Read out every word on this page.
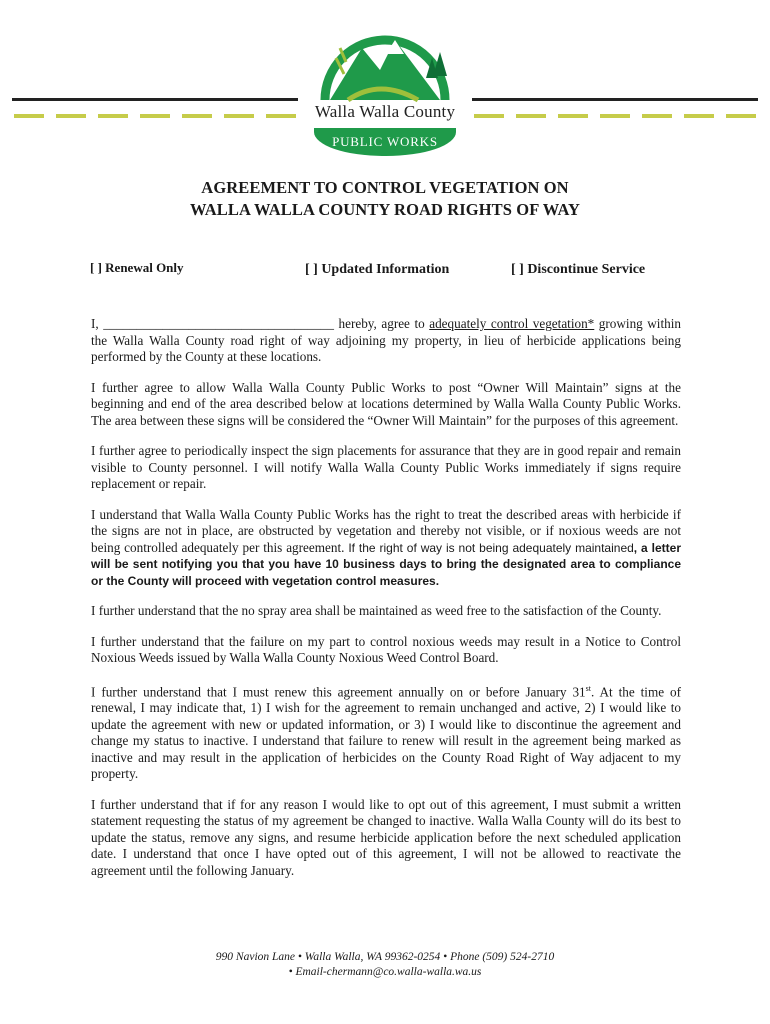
Walla Walla County
PUBLIC WORKS
AGREEMENT TO CONTROL VEGETATION ON
WALLA WALLA COUNTY ROAD RIGHTS OF WAY
[ ] Renewal Only	[ ] Updated Information	[ ] Discontinue Service

I, ___________________________________ hereby, agree to adequately control vegetation* growing within the Walla Walla County road right of way adjoining my property, in lieu of herbicide applications being performed by the County at these locations.

I further agree to allow Walla Walla County Public Works to post “Owner Will Maintain” signs at the beginning and end of the area described below at locations determined by Walla Walla County Public Works. The area between these signs will be considered the “Owner Will Maintain” for the purposes of this agreement.

I further agree to periodically inspect the sign placements for assurance that they are in good repair and remain visible to County personnel. I will notify Walla Walla County Public Works immediately if signs require replacement or repair.

I understand that Walla Walla County Public Works has the right to treat the described areas with herbicide if the signs are not in place, are obstructed by vegetation and thereby not visible, or if noxious weeds are not being controlled adequately per this agreement. If the right of way is not being adequately maintained, a letter will be sent notifying you that you have 10 business days to bring the designated area to compliance or the County will proceed with vegetation control measures.

I further understand that the no spray area shall be maintained as weed free to the satisfaction of the County.

I further understand that the failure on my part to control noxious weeds may result in a Notice to Control Noxious Weeds issued by Walla Walla County Noxious Weed Control Board.

I further understand that I must renew this agreement annually on or before January 31st. At the time of renewal, I may indicate that, 1) I wish for the agreement to remain unchanged and active, 2) I would like to update the agreement with new or updated information, or 3) I would like to discontinue the agreement and change my status to inactive. I understand that failure to renew will result in the agreement being marked as inactive and may result in the application of herbicides on the County Road Right of Way adjacent to my property.

I further understand that if for any reason I would like to opt out of this agreement, I must submit a written statement requesting the status of my agreement be changed to inactive. Walla Walla County will do its best to update the status, remove any signs, and resume herbicide application before the next scheduled application date. I understand that once I have opted out of this agreement, I will not be allowed to reactivate the agreement until the following January.

990 Navion Lane • Walla Walla, WA 99362-0254 • Phone (509) 524-2710
• Email-chermann@co.walla-walla.wa.us
